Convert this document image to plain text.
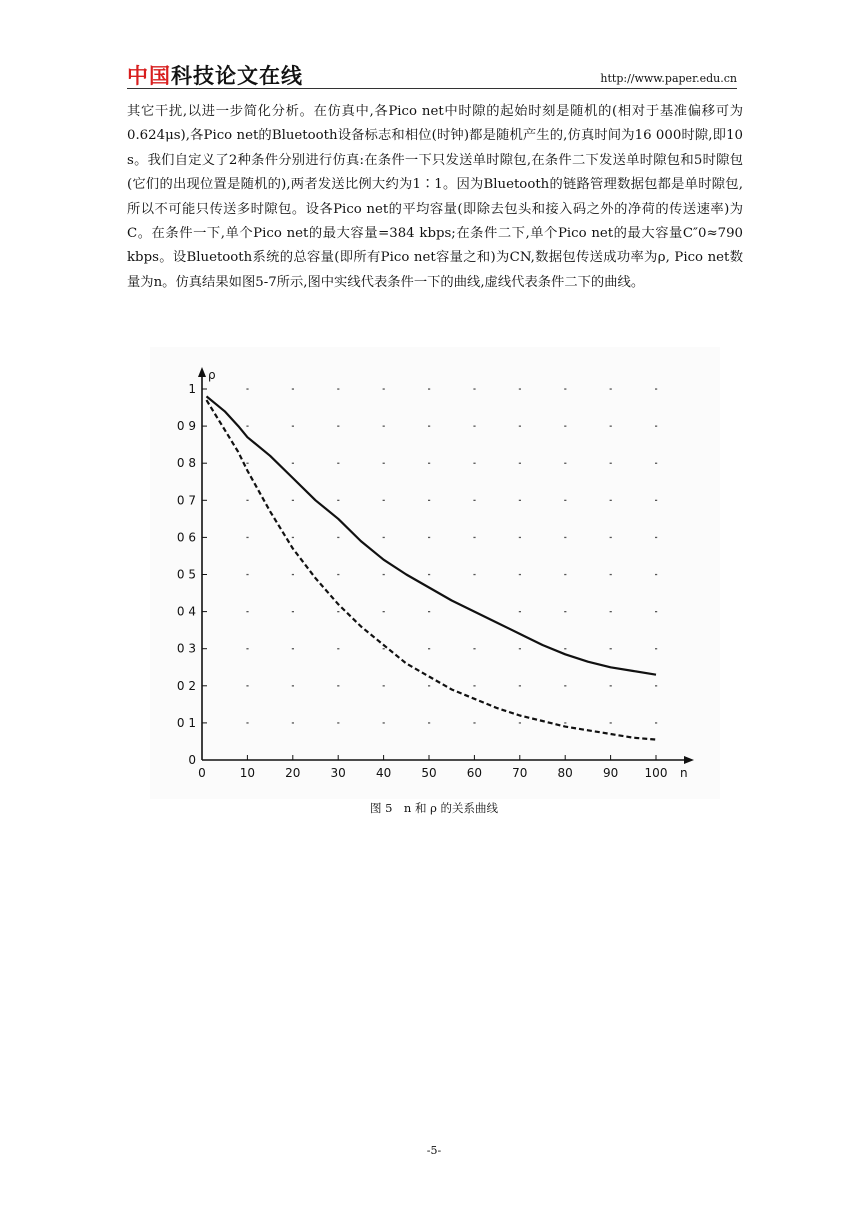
中国科技论文在线	http://www.paper.edu.cn

其它干扰,以进一步简化分析。在仿真中,各Pico net中时隙的起始时刻是随机的(相对于基准偏移可为0.624μs),各Pico net的Bluetooth设备标志和相位(时钟)都是随机产生的,仿真时间为16 000时隙,即10 s。我们自定义了2种条件分别进行仿真:在条件一下只发送单时隙包,在条件二下发送单时隙包和5时隙包(它们的出现位置是随机的),两者发送比例大约为1∶1。因为Bluetooth的链路管理数据包都是单时隙包,所以不可能只传送多时隙包。设各Pico net的平均容量(即除去包头和接入码之外的净荷的传送速率)为C。在条件一下,单个Pico net的最大容量=384 kbps;在条件二下,单个Pico net的最大容量C″0≈790 kbps。设Bluetooth系统的总容量(即所有Pico net容量之和)为CN,数据包传送成功率为ρ, Pico net数量为n。仿真结果如图5-7所示,图中实线代表条件一下的曲线,虚线代表条件二下的曲线。

0	10	20	30	40	50	60	70	80	90 100
0
0 1
0 2
0 3
0 4
0 5
0 6
0 7
0 8
0 9
1
n
ρ
图 5　n 和 ρ 的关系曲线
-5-
